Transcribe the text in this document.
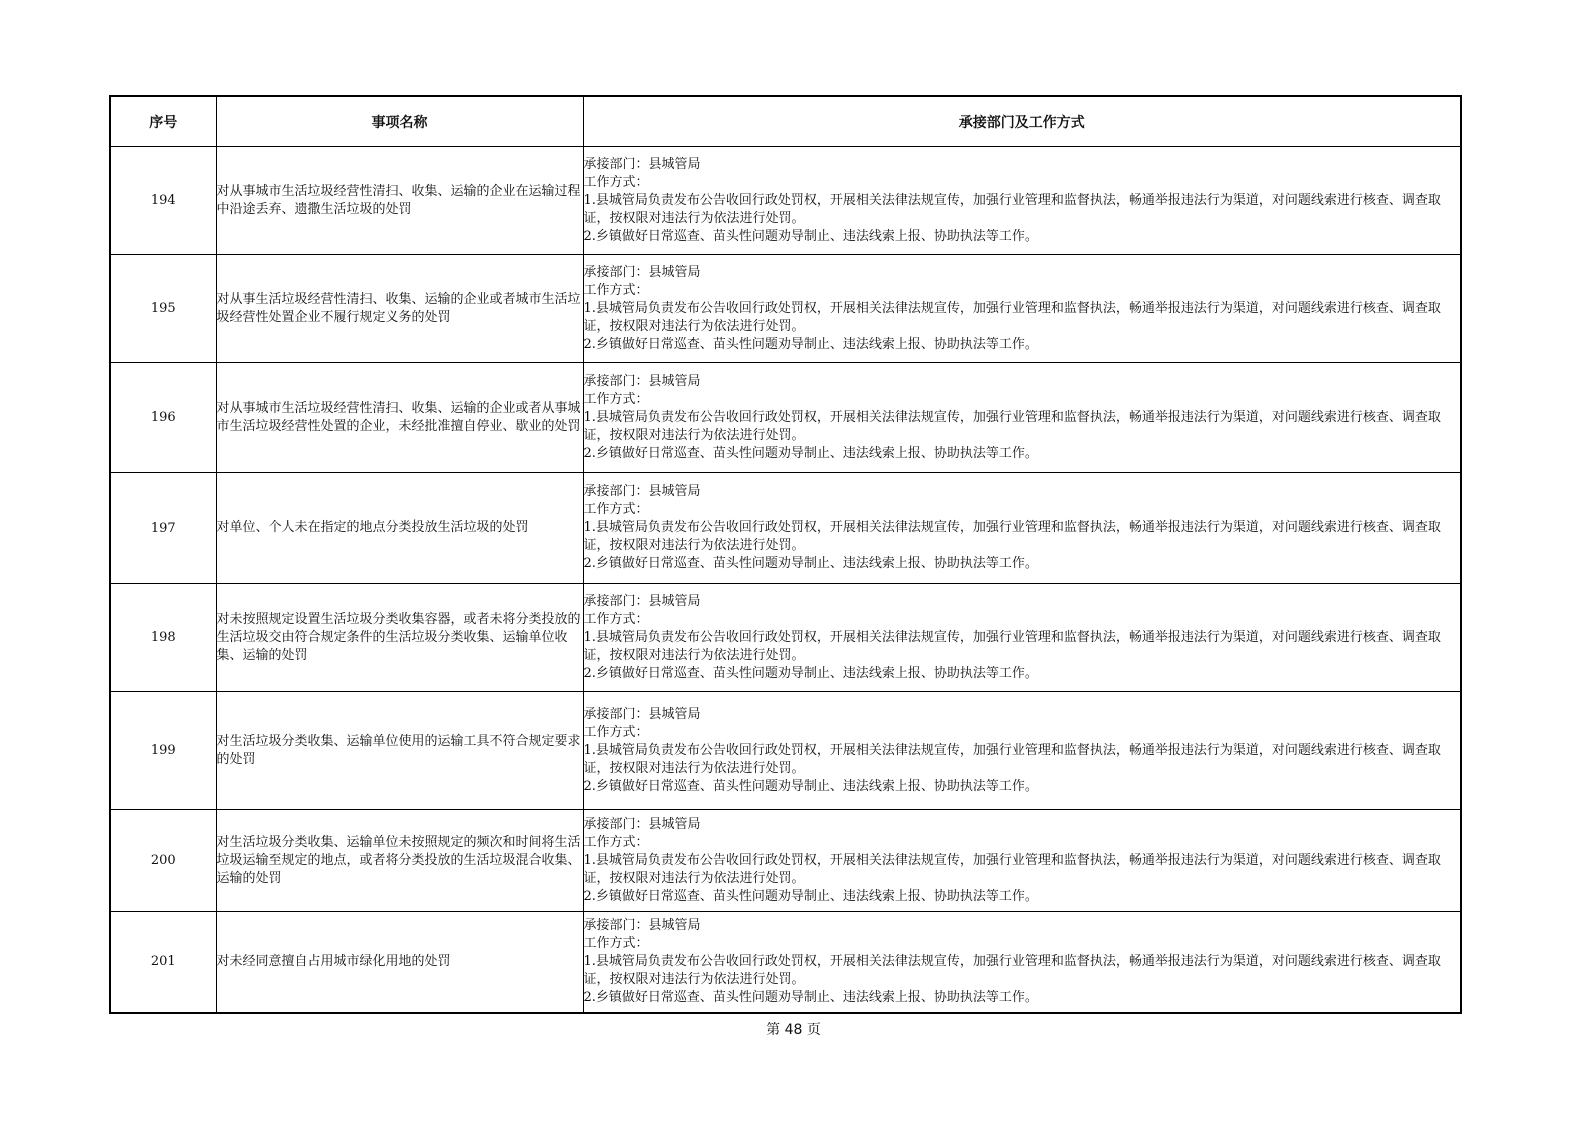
序号	事项名称	承接部门及工作方式
194	对从事城市生活垃圾经营性清扫、收集、运输的企业在运输过程中沿途丢弃、遗撒生活垃圾的处罚	承接部门：县城管局
工作方式：
1.县城管局负责发布公告收回行政处罚权，开展相关法律法规宣传，加强行业管理和监督执法，畅通举报违法行为渠道，对问题线索进行核查、调查取证，按权限对违法行为依法进行处罚。
2.乡镇做好日常巡查、苗头性问题劝导制止、违法线索上报、协助执法等工作。

195	对从事生活垃圾经营性清扫、收集、运输的企业或者城市生活垃圾经营性处置企业不履行规定义务的处罚	承接部门：县城管局
工作方式：
1.县城管局负责发布公告收回行政处罚权，开展相关法律法规宣传，加强行业管理和监督执法，畅通举报违法行为渠道，对问题线索进行核查、调查取证，按权限对违法行为依法进行处罚。
2.乡镇做好日常巡查、苗头性问题劝导制止、违法线索上报、协助执法等工作。

196	对从事城市生活垃圾经营性清扫、收集、运输的企业或者从事城市生活垃圾经营性处置的企业，未经批准擅自停业、歇业的处罚	承接部门：县城管局
工作方式：
1.县城管局负责发布公告收回行政处罚权，开展相关法律法规宣传，加强行业管理和监督执法，畅通举报违法行为渠道，对问题线索进行核查、调查取证，按权限对违法行为依法进行处罚。
2.乡镇做好日常巡查、苗头性问题劝导制止、违法线索上报、协助执法等工作。

197	对单位、个人未在指定的地点分类投放生活垃圾的处罚	承接部门：县城管局
工作方式：
1.县城管局负责发布公告收回行政处罚权，开展相关法律法规宣传，加强行业管理和监督执法，畅通举报违法行为渠道，对问题线索进行核查、调查取证，按权限对违法行为依法进行处罚。
2.乡镇做好日常巡查、苗头性问题劝导制止、违法线索上报、协助执法等工作。

198	对未按照规定设置生活垃圾分类收集容器，或者未将分类投放的生活垃圾交由符合规定条件的生活垃圾分类收集、运输单位收集、运输的处罚	承接部门：县城管局
工作方式：
1.县城管局负责发布公告收回行政处罚权，开展相关法律法规宣传，加强行业管理和监督执法，畅通举报违法行为渠道，对问题线索进行核查、调查取证，按权限对违法行为依法进行处罚。
2.乡镇做好日常巡查、苗头性问题劝导制止、违法线索上报、协助执法等工作。

199	对生活垃圾分类收集、运输单位使用的运输工具不符合规定要求的处罚	承接部门：县城管局
工作方式：
1.县城管局负责发布公告收回行政处罚权，开展相关法律法规宣传，加强行业管理和监督执法，畅通举报违法行为渠道，对问题线索进行核查、调查取证，按权限对违法行为依法进行处罚。
2.乡镇做好日常巡查、苗头性问题劝导制止、违法线索上报、协助执法等工作。

200	对生活垃圾分类收集、运输单位未按照规定的频次和时间将生活垃圾运输至规定的地点，或者将分类投放的生活垃圾混合收集、运输的处罚	承接部门：县城管局
工作方式：
1.县城管局负责发布公告收回行政处罚权，开展相关法律法规宣传，加强行业管理和监督执法，畅通举报违法行为渠道，对问题线索进行核查、调查取证，按权限对违法行为依法进行处罚。
2.乡镇做好日常巡查、苗头性问题劝导制止、违法线索上报、协助执法等工作。

201	对未经同意擅自占用城市绿化用地的处罚	承接部门：县城管局
工作方式：
1.县城管局负责发布公告收回行政处罚权，开展相关法律法规宣传，加强行业管理和监督执法，畅通举报违法行为渠道，对问题线索进行核查、调查取证，按权限对违法行为依法进行处罚。
2.乡镇做好日常巡查、苗头性问题劝导制止、违法线索上报、协助执法等工作。
第 48 页
